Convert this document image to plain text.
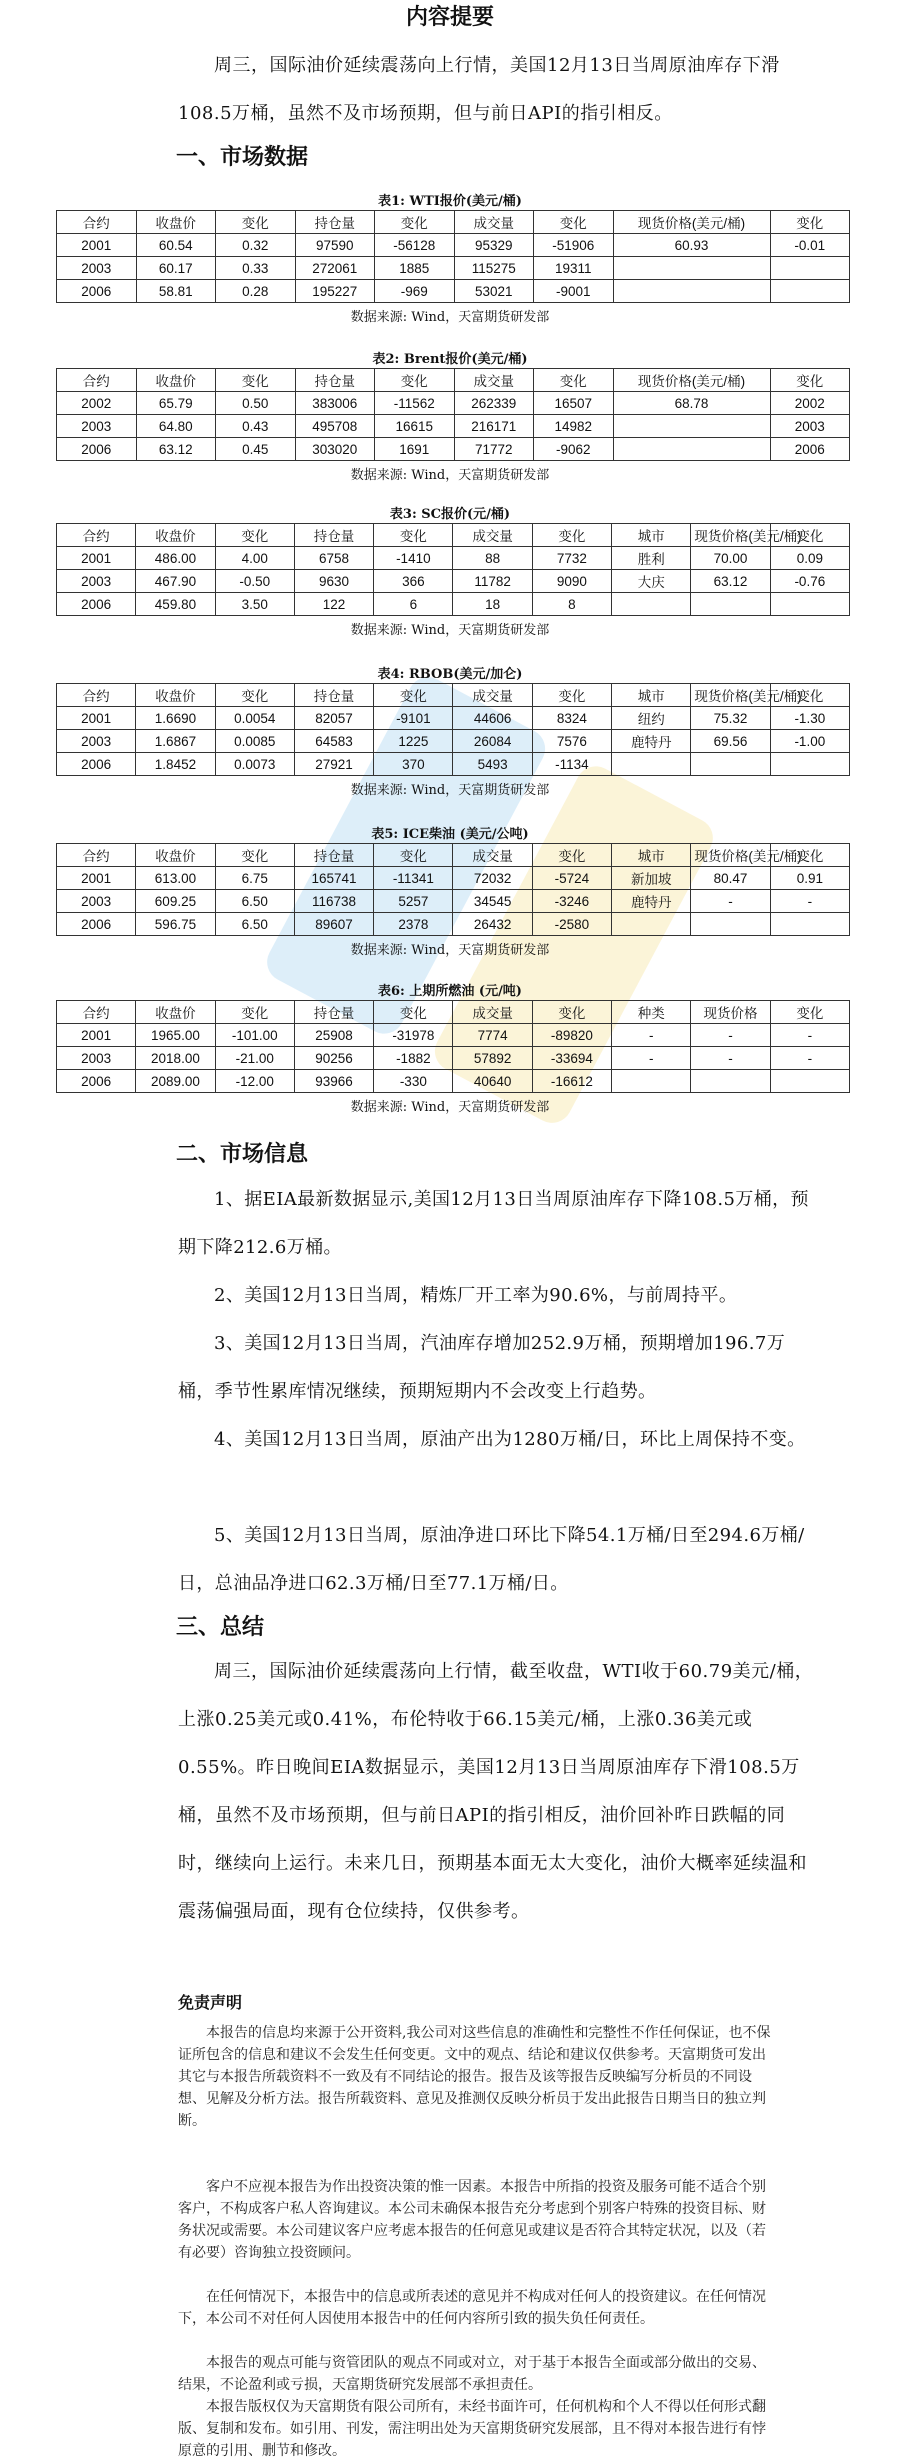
内容提要
周三，国际油价延续震荡向上行情，美国12月13日当周原油库存下滑108.5万桶，虽然不及市场预期，但与前日API的指引相反。
一、市场数据
表1: WTI报价(美元/桶)
合约	收盘价	变化	持仓量	变化	成交量	变化	现货价格(美元/桶)	变化
2001	60.54	0.32	97590	-56128	95329	-51906	60.93	-0.01
2003	60.17	0.33	272061	1885	115275	19311		
2006	58.81	0.28	195227	-969	53021	-9001		
数据来源: Wind，天富期货研发部
表2: Brent报价(美元/桶)
合约	收盘价	变化	持仓量	变化	成交量	变化	现货价格(美元/桶)	变化
2002	65.79	0.50	383006	-11562	262339	16507	68.78	2002
2003	64.80	0.43	495708	16615	216171	14982		2003
2006	63.12	0.45	303020	1691	71772	-9062		2006
数据来源: Wind，天富期货研发部
表3: SC报价(元/桶)
合约	收盘价	变化	持仓量	变化	成交量	变化	城市	现货价格(美元/桶)	变化
2001	486.00	4.00	6758	-1410	88	7732	胜利	70.00	0.09
2003	467.90	-0.50	9630	366	11782	9090	大庆	63.12	-0.76
2006	459.80	3.50	122	6	18	8			
数据来源: Wind，天富期货研发部
表4: RBOB(美元/加仑)
合约	收盘价	变化	持仓量	变化	成交量	变化	城市	现货价格(美元/桶)	变化
2001	1.6690	0.0054	82057	-9101	44606	8324	纽约	75.32	-1.30
2003	1.6867	0.0085	64583	1225	26084	7576	鹿特丹	69.56	-1.00
2006	1.8452	0.0073	27921	370	5493	-1134			
数据来源: Wind，天富期货研发部
表5: ICE柴油 (美元/公吨)
合约	收盘价	变化	持仓量	变化	成交量	变化	城市	现货价格(美元/桶)	变化
2001	613.00	6.75	165741	-11341	72032	-5724	新加坡	80.47	0.91
2003	609.25	6.50	116738	5257	34545	-3246	鹿特丹	-	-
2006	596.75	6.50	89607	2378	26432	-2580			
数据来源: Wind，天富期货研发部
表6: 上期所燃油 (元/吨)
合约	收盘价	变化	持仓量	变化	成交量	变化	种类	现货价格	变化
2001	1965.00	-101.00	25908	-31978	7774	-89820	-	-	-
2003	2018.00	-21.00	90256	-1882	57892	-33694	-	-	-
2006	2089.00	-12.00	93966	-330	40640	-16612			
数据来源: Wind，天富期货研发部
二、市场信息
1、据EIA最新数据显示,美国12月13日当周原油库存下降108.5万桶，预期下降212.6万桶。
2、美国12月13日当周，精炼厂开工率为90.6%，与前周持平。
3、美国12月13日当周，汽油库存增加252.9万桶，预期增加196.7万桶，季节性累库情况继续，预期短期内不会改变上行趋势。
4、美国12月13日当周，原油产出为1280万桶/日，环比上周保持不变。
5、美国12月13日当周，原油净进口环比下降54.1万桶/日至294.6万桶/日，总油品净进口62.3万桶/日至77.1万桶/日。
三、总结
周三，国际油价延续震荡向上行情，截至收盘，WTI收于60.79美元/桶，上涨0.25美元或0.41%，布伦特收于66.15美元/桶，上涨0.36美元或0.55%。昨日晚间EIA数据显示，美国12月13日当周原油库存下滑108.5万桶，虽然不及市场预期，但与前日API的指引相反，油价回补昨日跌幅的同时，继续向上运行。未来几日，预期基本面无太大变化，油价大概率延续温和震荡偏强局面，现有仓位续持，仅供参考。
免责声明
本报告的信息均来源于公开资料,我公司对这些信息的准确性和完整性不作任何保证，也不保证所包含的信息和建议不会发生任何变更。文中的观点、结论和建议仅供参考。天富期货可发出其它与本报告所载资料不一致及有不同结论的报告。报告及该等报告反映编写分析员的不同设想、见解及分析方法。报告所载资料、意见及推测仅反映分析员于发出此报告日期当日的独立判断。
客户不应视本报告为作出投资决策的惟一因素。本报告中所指的投资及服务可能不适合个别客户，不构成客户私人咨询建议。本公司未确保本报告充分考虑到个别客户特殊的投资目标、财务状况或需要。本公司建议客户应考虑本报告的任何意见或建议是否符合其特定状况，以及（若有必要）咨询独立投资顾问。
在任何情况下，本报告中的信息或所表述的意见并不构成对任何人的投资建议。在任何情况下，本公司不对任何人因使用本报告中的任何内容所引致的损失负任何责任。
本报告的观点可能与资管团队的观点不同或对立，对于基于本报告全面或部分做出的交易、结果，不论盈利或亏损，天富期货研究发展部不承担责任。
本报告版权仅为天富期货有限公司所有，未经书面许可，任何机构和个人不得以任何形式翻版、复制和发布。如引用、刊发，需注明出处为天富期货研究发展部，且不得对本报告进行有悖原意的引用、删节和修改。
